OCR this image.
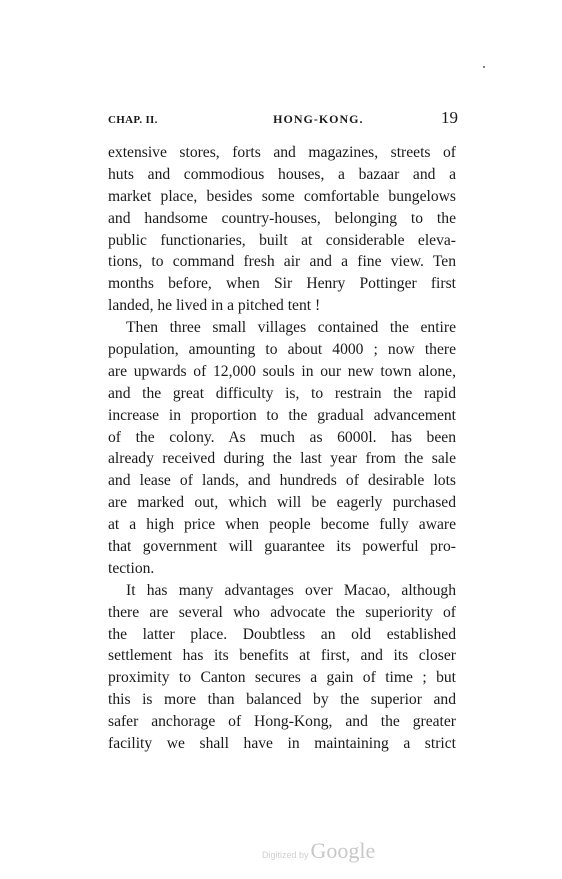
CHAP. II.	HONG-KONG.	19
extensive stores, forts and magazines, streets of
huts and commodious houses, a bazaar and a
market place, besides some comfortable bungelows
and handsome country-houses, belonging to the
public functionaries, built at considerable eleva-
tions, to command fresh air and a fine view. Ten
months before, when Sir Henry Pottinger first
landed, he lived in a pitched tent !
Then three small villages contained the entire
population, amounting to about 4000 ; now there
are upwards of 12,000 souls in our new town alone,
and the great difficulty is, to restrain the rapid
increase in proportion to the gradual advancement
of the colony. As much as 6000l. has been
already received during the last year from the sale
and lease of lands, and hundreds of desirable lots
are marked out, which will be eagerly purchased
at a high price when people become fully aware
that government will guarantee its powerful pro-
tection.
It has many advantages over Macao, although
there are several who advocate the superiority of
the latter place. Doubtless an old established
settlement has its benefits at first, and its closer
proximity to Canton secures a gain of time ; but
this is more than balanced by the superior and
safer anchorage of Hong-Kong, and the greater
facility we shall have in maintaining a strict
Digitized by Google
